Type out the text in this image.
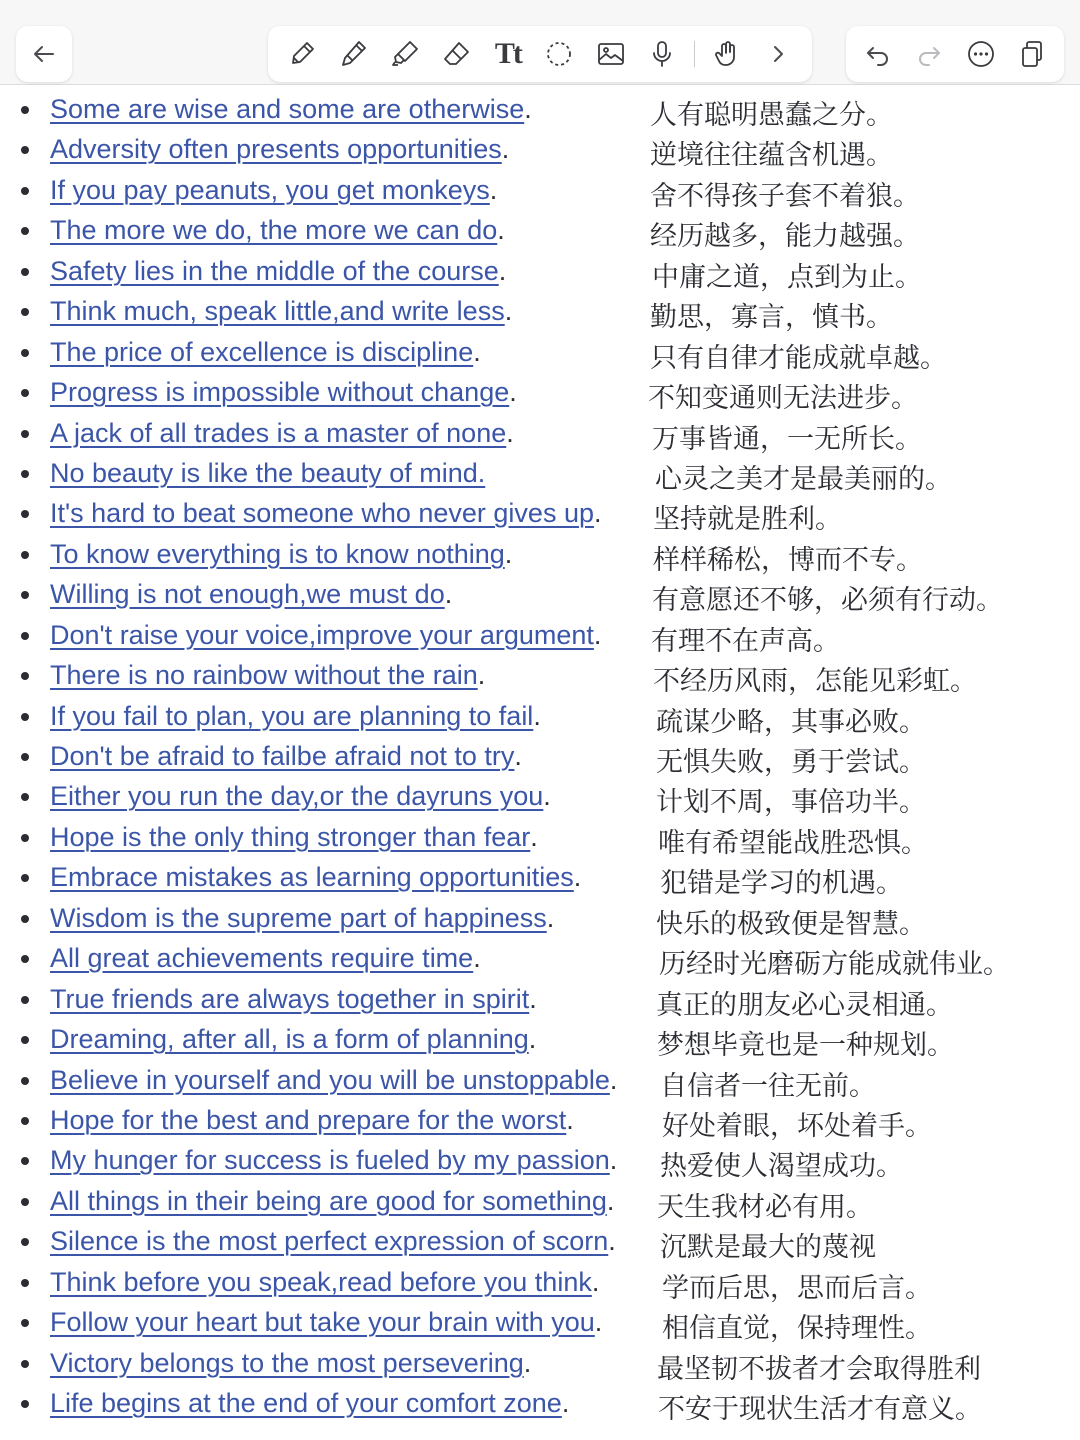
Tt
Some are wise and some are otherwise.	人有聪明愚蠢之分。
Adversity often presents opportunities.	逆境往往蕴含机遇。
If you pay peanuts, you get monkeys.	舍不得孩子套不着狼。
The more we do, the more we can do.	经历越多，能力越强。
Safety lies in the middle of the course.	中庸之道，点到为止。
Think much, speak little,and write less.	勤思，寡言，慎书。
The price of excellence is discipline.	只有自律才能成就卓越。
Progress is impossible without change.	不知变通则无法进步。
A jack of all trades is a master of none.	万事皆通，一无所长。
No beauty is like the beauty of mind.	心灵之美才是最美丽的。
It's hard to beat someone who never gives up. 坚持就是胜利。
To know everything is to know nothing.	样样稀松，博而不专。
Willing is not enough,we must do.	有意愿还不够，必须有行动。
Don't raise your voice,improve your argument. 有理不在声高。
There is no rainbow without the rain.	不经历风雨，怎能见彩虹。
If you fail to plan, you are planning to fail.	疏谋少略，其事必败。
Don't be afraid to failbe afraid not to try.	无惧失败，勇于尝试。
Either you run the day,or the dayruns you.	计划不周，事倍功半。
Hope is the only thing stronger than fear.	唯有希望能战胜恐惧。
Embrace mistakes as learning opportunities.	犯错是学习的机遇。
Wisdom is the supreme part of happiness.	快乐的极致便是智慧。
All great achievements require time.	历经时光磨砺方能成就伟业。
True friends are always together in spirit.	真正的朋友必心灵相通。
Dreaming, after all, is a form of planning.	梦想毕竟也是一种规划。
Believe in yourself and you will be unstoppable. 自信者一往无前。
Hope for the best and prepare for the worst.	好处着眼，坏处着手。
My hunger for success is fueled by my passion. 热爱使人渴望成功。
All things in their being are good for something. 天生我材必有用。
Silence is the most perfect expression of scorn. 沉默是最大的蔑视
Think before you speak,read before you think. 学而后思，思而后言。
Follow your heart but take your brain with you. 相信直觉，保持理性。
Victory belongs to the most persevering.	最坚韧不拔者才会取得胜利
Life begins at the end of your comfort zone.	不安于现状生活才有意义。
